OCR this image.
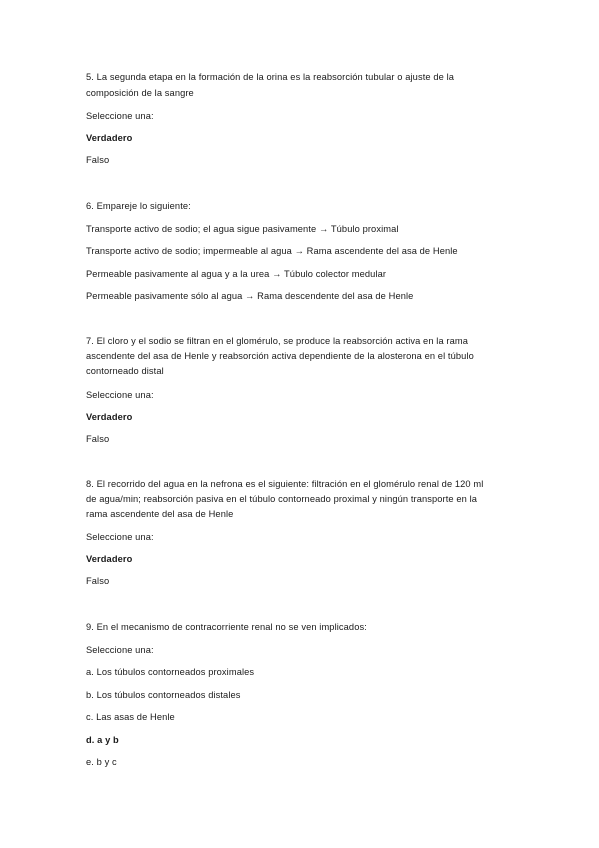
5. La segunda etapa en la formación de la orina es la reabsorción tubular o ajuste de la
composición de la sangre
Seleccione una:
Verdadero
Falso
6. Empareje lo siguiente:
Transporte activo de sodio; el agua sigue pasivamente → Túbulo proximal
Transporte activo de sodio; impermeable al agua → Rama ascendente del asa de Henle
Permeable pasivamente al agua y a la urea → Túbulo colector medular
Permeable pasivamente sólo al agua → Rama descendente del asa de Henle
7. El cloro y el sodio se filtran en el glomérulo, se produce la reabsorción activa en la rama
ascendente del asa de Henle y reabsorción activa dependiente de la alosterona en el túbulo
contorneado distal
Seleccione una:
Verdadero
Falso
8. El recorrido del agua en la nefrona es el siguiente: filtración en el glomérulo renal de 120 ml
de agua/min; reabsorción pasiva en el túbulo contorneado proximal y ningún transporte en la
rama ascendente del asa de Henle
Seleccione una:
Verdadero
Falso
9. En el mecanismo de contracorriente renal no se ven implicados:
Seleccione una:
a. Los túbulos contorneados proximales
b. Los túbulos contorneados distales
c. Las asas de Henle
d. a y b
e. b y c
